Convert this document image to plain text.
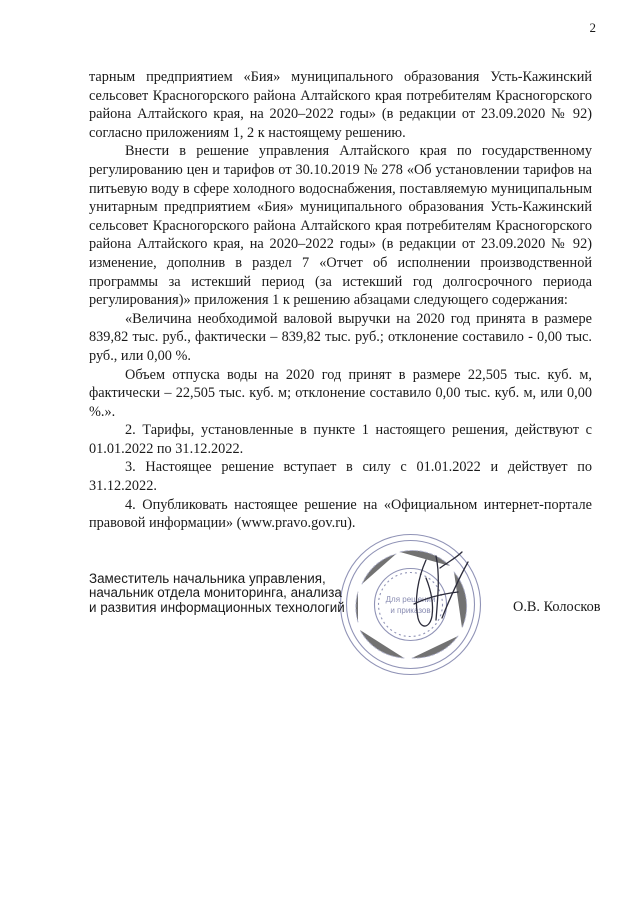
2

тарным предприятием «Бия» муниципального образования Усть-Кажинский сельсовет Красногорского района Алтайского края потребителям Красногорского района Алтайского края, на 2020–2022 годы» (в редакции от 23.09.2020 № 92) согласно приложениям 1, 2 к настоящему решению.

Внести в решение управления Алтайского края по государственному регулированию цен и тарифов от 30.10.2019 № 278 «Об установлении тарифов на питьевую воду в сфере холодного водоснабжения, поставляемую муниципальным унитарным предприятием «Бия» муниципального образования Усть-Кажинский сельсовет Красногорского района Алтайского края потребителям Красногорского района Алтайского края, на 2020–2022 годы» (в редакции от 23.09.2020 № 92) изменение, дополнив в раздел 7 «Отчет об исполнении производственной программы за истекший период (за истекший год долгосрочного периода регулирования)» приложения 1 к решению абзацами следующего содержания:

«Величина необходимой валовой выручки на 2020 год принята в размере 839,82 тыс. руб., фактически – 839,82 тыс. руб.; отклонение составило - 0,00 тыс. руб., или 0,00 %.

Объем отпуска воды на 2020 год принят в размере 22,505 тыс. куб. м, фактически – 22,505 тыс. куб. м; отклонение составило 0,00 тыс. куб. м, или 0,00 %.».

2. Тарифы, установленные в пункте 1 настоящего решения, действуют с 01.01.2022 по 31.12.2022.

3. Настоящее решение вступает в силу с 01.01.2022 и действует по 31.12.2022.

4. Опубликовать настоящее решение на «Официальном интернет-портале правовой информации» (www.pravo.gov.ru).

Для решений
и приказов
Заместитель начальника управления,
начальник отдела мониторинга, анализа
и развития информационных технологий	О.В. Колосков
